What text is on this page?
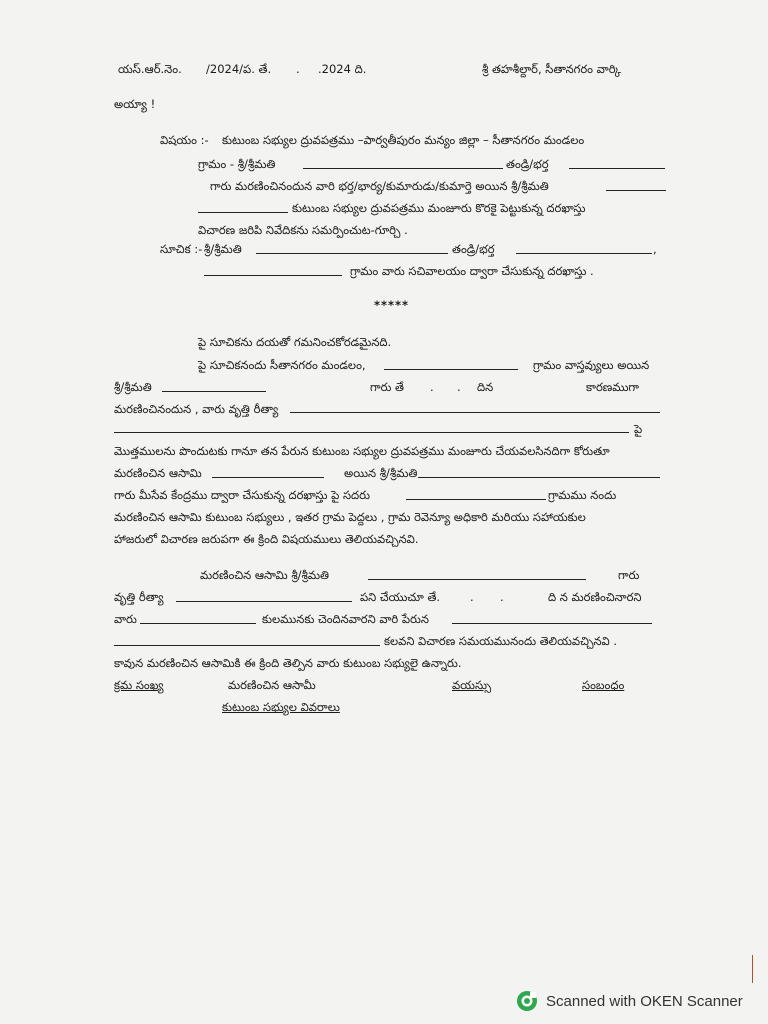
యస్.ఆర్.నెం. /2024/ప. తే. . .2024 ది.	శ్రీ తహశీల్దార్, సీతానగరం వార్కి
అయ్యా !
విషయం :- కుటుంబ సభ్యుల ద్రువపత్రము –పార్వతీపురం మన్యం జిల్లా – సీతానగరం మండలం
గ్రామం - శ్రీ/శ్రీమతి	తండ్రి/భర్త
గారు మరణించినందున వారి భర్త/భార్య/కుమారుడు/కుమార్తె అయిన శ్రీ/శ్రీమతి
కుటుంబ సభ్యుల ద్రువపత్రము మంజూరు కొరకై పెట్టుకున్న దరఖాస్తు
విచారణ జరిపి నివేదికను సమర్పించుట-గూర్చి .
సూచిక :- శ్రీ/శ్రీమతి	తండ్రి/భర్త	,
గ్రామం వారు సచివాలయం ద్వారా చేసుకున్న దరఖాస్తు .
*****
పై సూచికను దయతో గమనించకోరడమైనది.
పై సూచికనందు సీతానగరం మండలం,	గ్రామం వాస్తవ్యులు అయిన
శ్రీ/శ్రీమతి	గారు తే . . దిన	కారణముగా
మరణించినందున , వారు వృత్తి రీత్యా
పై
మొత్తములను పొందుటకు గానూ తన పేరున కుటుంబ సభ్యుల ద్రువపత్రము మంజూరు చేయవలసినదిగా కోరుతూ
మరణించిన ఆసామి	అయిన శ్రీ/శ్రీమతి
గారు మీసేవ కేంద్రము ద్వారా చేసుకున్న దరఖాస్తు పై సదరు	గ్రామము నందు
మరణించిన ఆసామి కుటుంబ సభ్యులు , ఇతర గ్రామ పెద్దలు , గ్రామ రెవెన్యూ అధికారి మరియు సహాయకుల
హాజరులో విచారణ జరుపగా ఈ క్రింది విషయములు తెలియవచ్చినవి.
మరణించిన ఆసామి శ్రీ/శ్రీమతి	గారు
వృత్తి రీత్యా	పని చేయుచూ తే.	. .	ది న మరణించినారని
వారు	కులమునకు చెందినవారని వారి పేరున
కలవని విచారణ సమయమునందు తెలియవచ్చినవి .
కావున మరణించిన ఆసామికి ఈ క్రింది తెల్పిన వారు కుటుంబ సభ్యులై ఉన్నారు.
క్రమ సంఖ్య	మరణించిన ఆసామీ	వయస్సు	సంబంధం
కుటుంబ సభ్యుల వివరాలు
Scanned with OKEN Scanner
